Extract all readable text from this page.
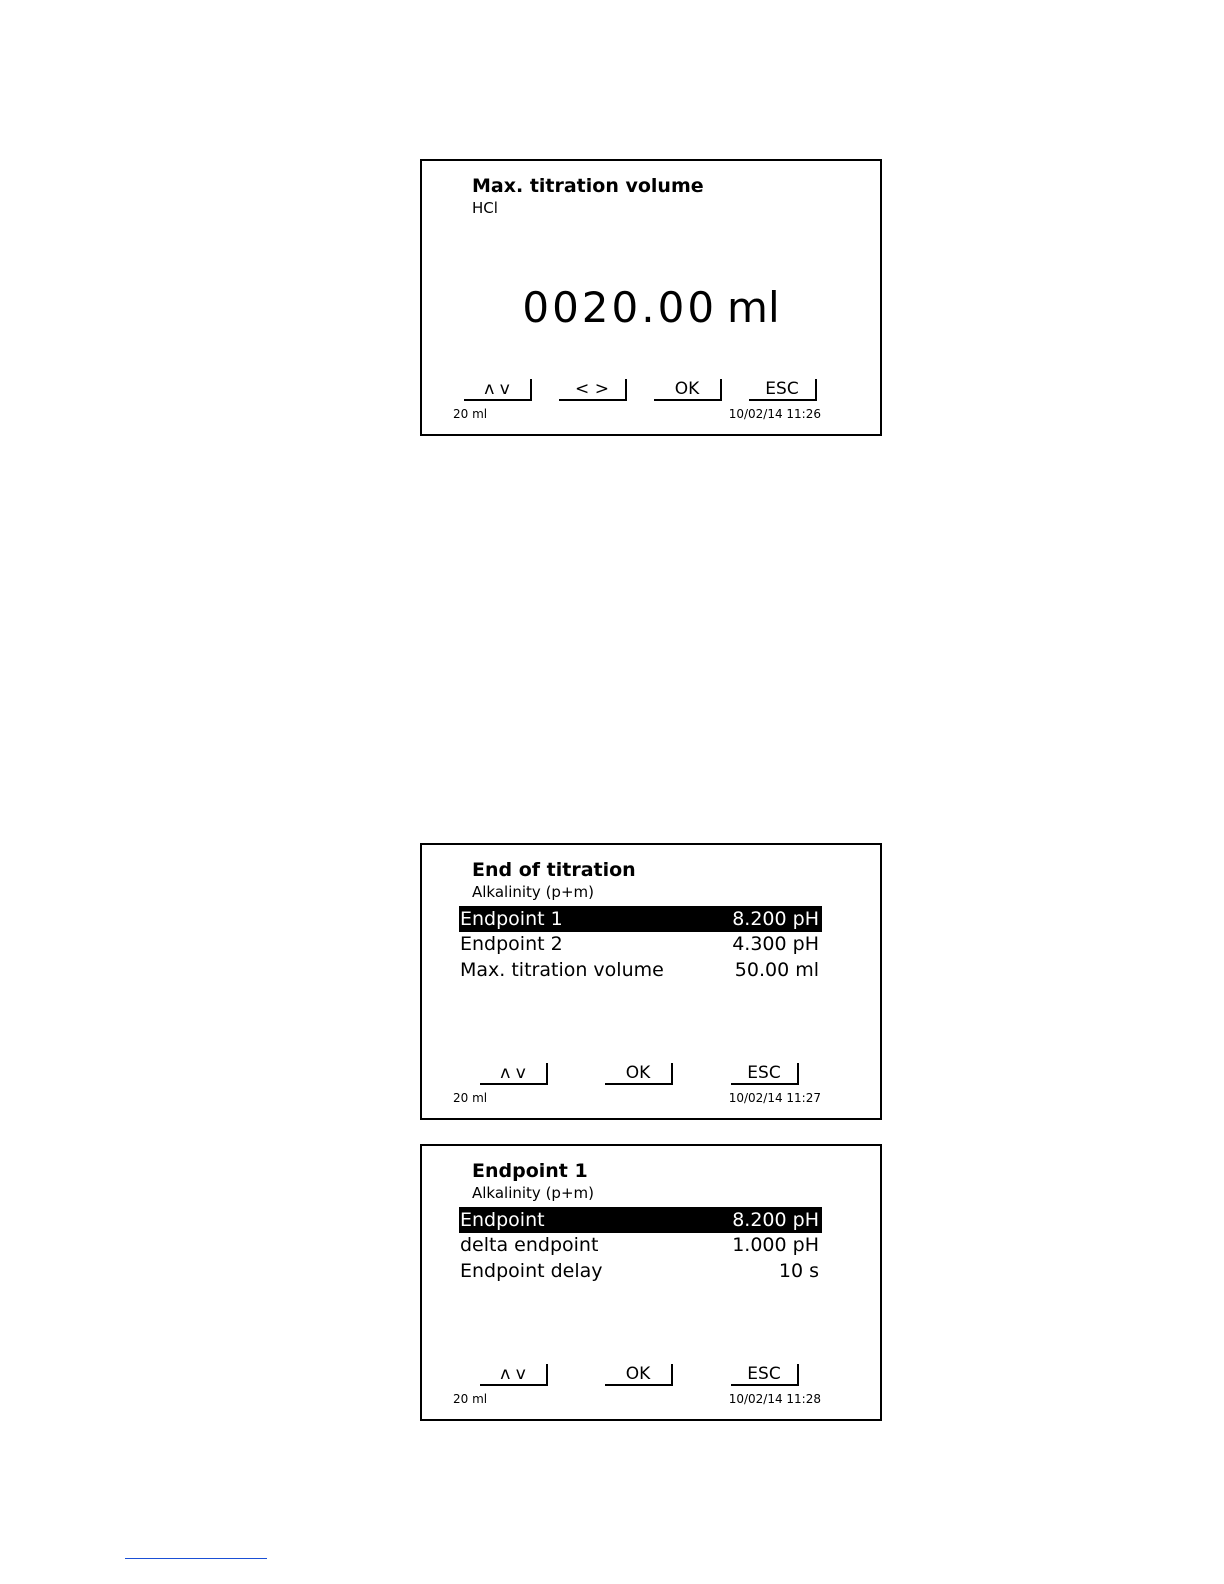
Max. titration volume
HCl
0020.00 ml
ʌ v	< >	OK	ESC
20 ml	10/02/14 11:26
End of titration
Alkalinity (p+m)
Endpoint 1	8.200 pH
Endpoint 2	4.300 pH
Max. titration volume	50.00 ml
ʌ v	OK	ESC
20 ml	10/02/14 11:27
Endpoint 1
Alkalinity (p+m)
Endpoint	8.200 pH
delta endpoint	1.000 pH
Endpoint delay	10 s
ʌ v	OK	ESC
20 ml	10/02/14 11:28
